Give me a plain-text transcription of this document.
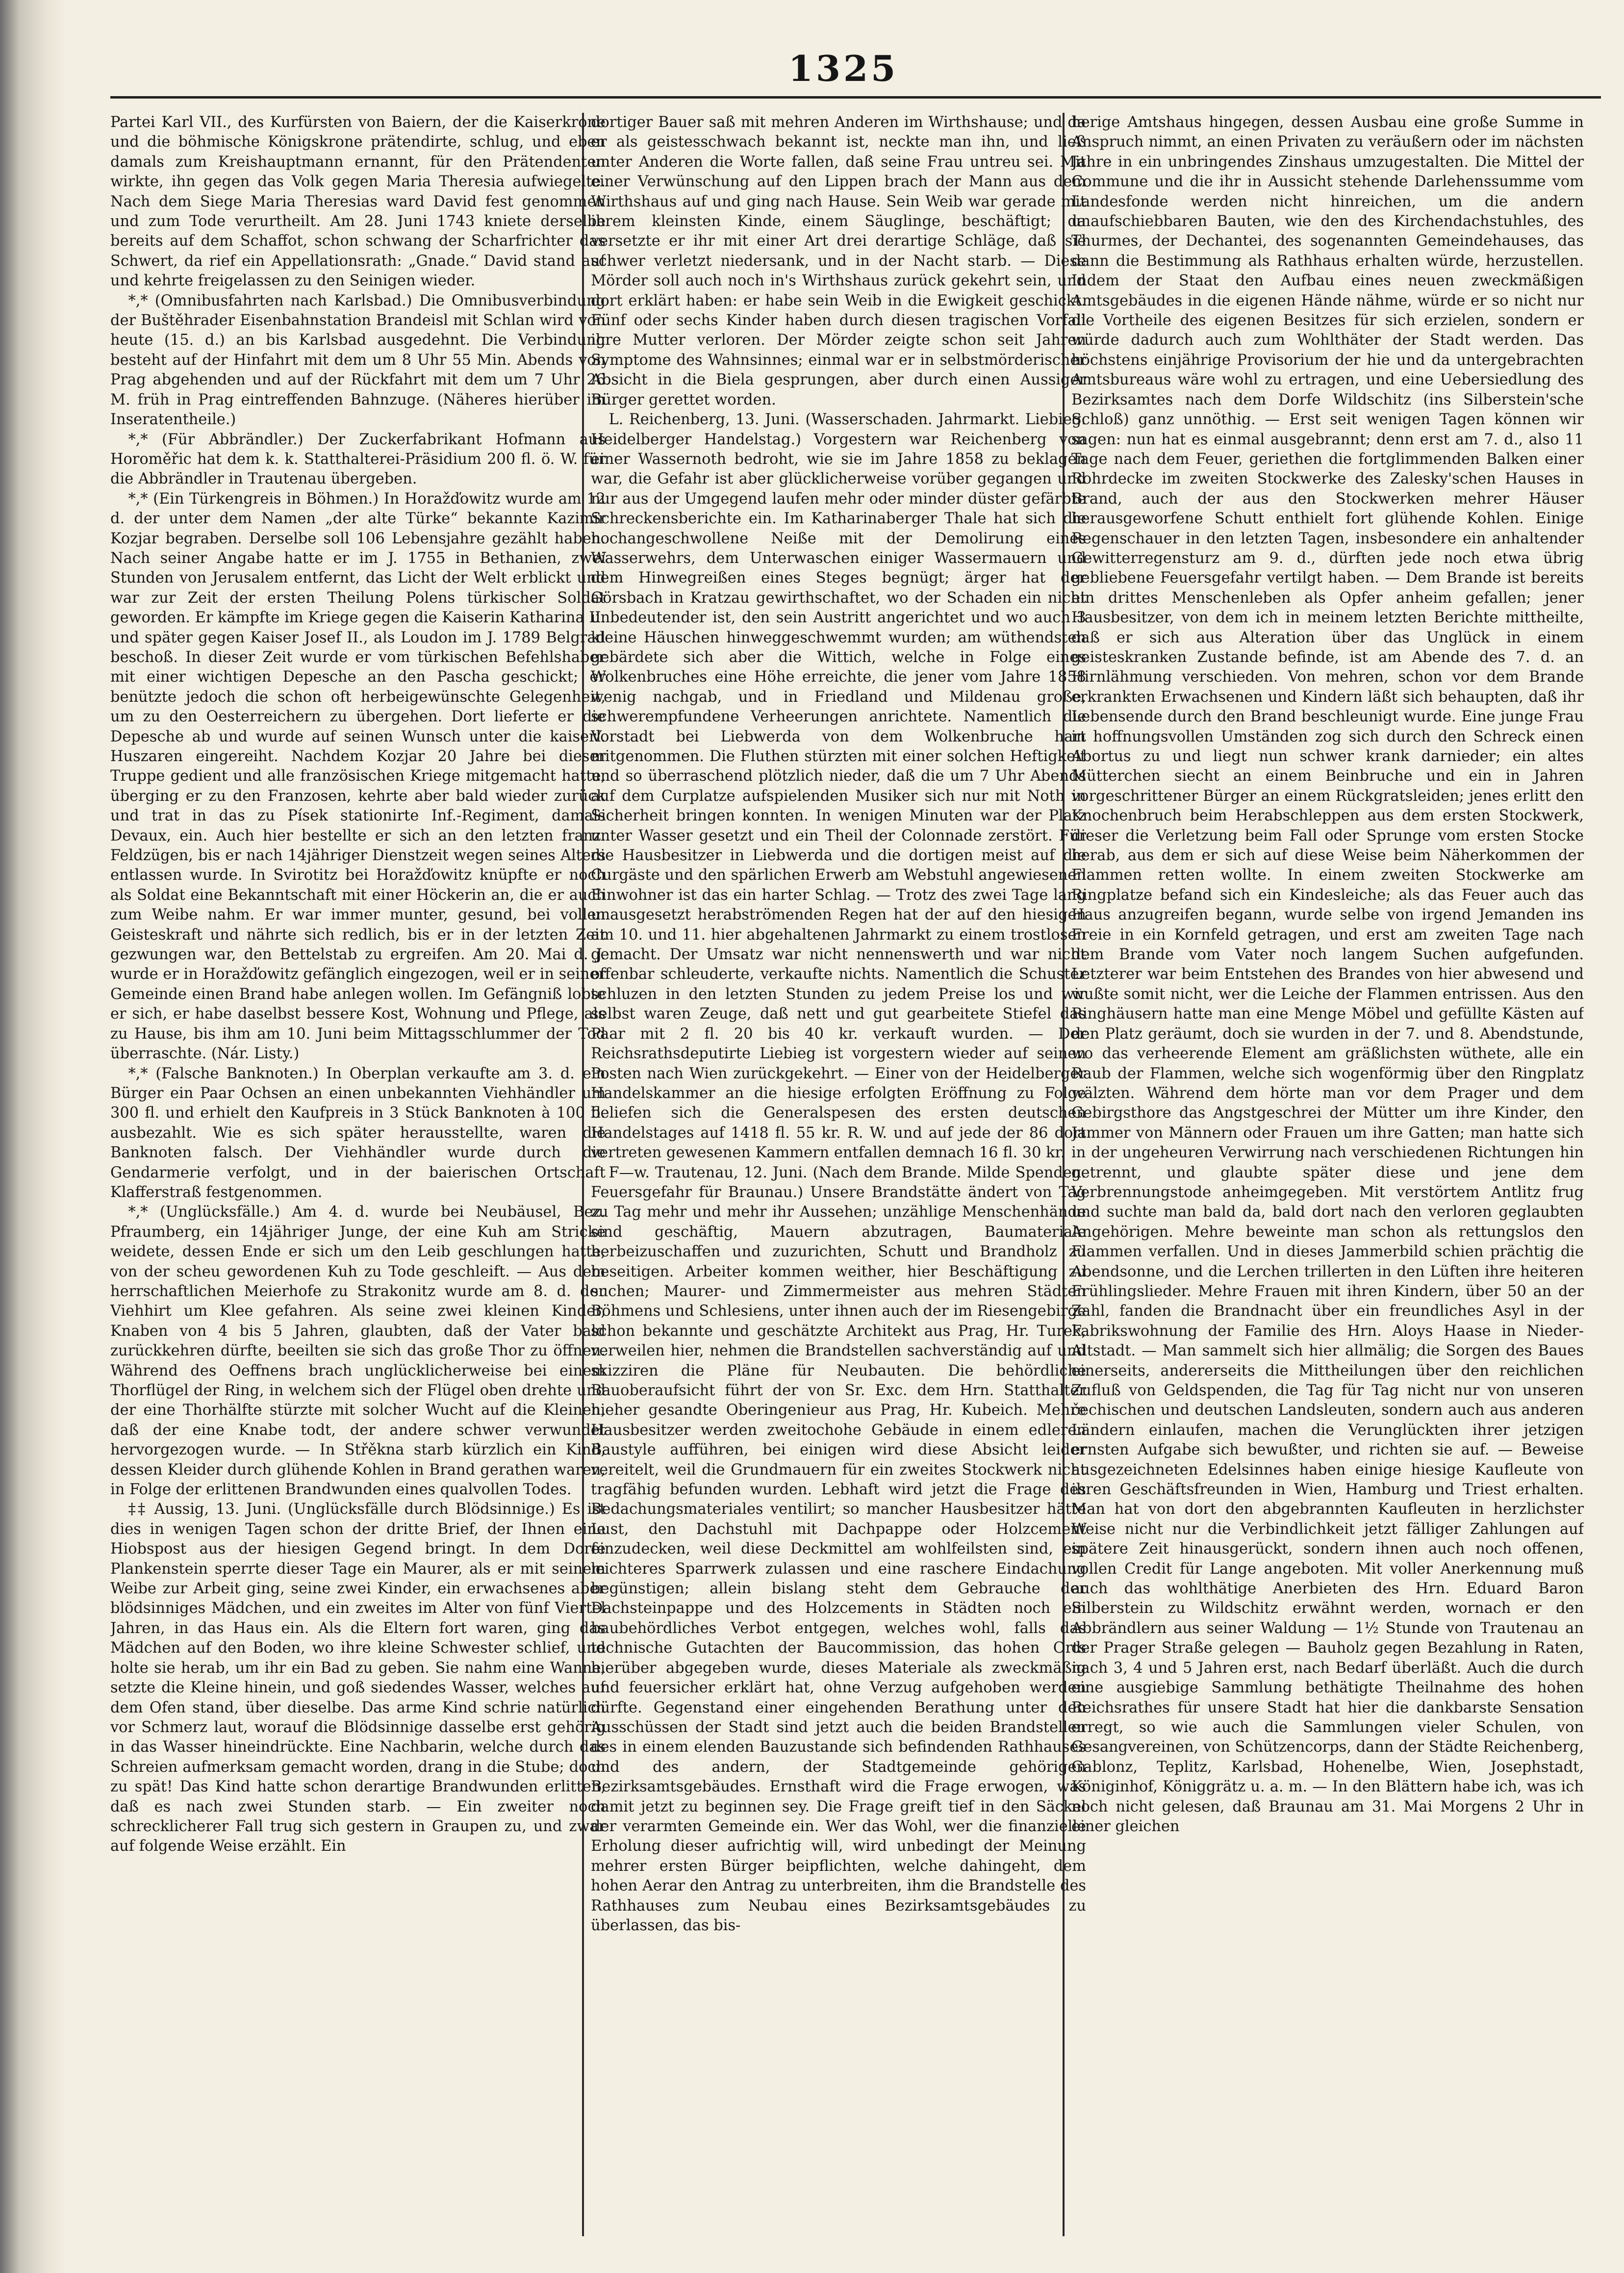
1325

Partei Karl VII., des Kurfürsten von Baiern, der die Kaiserkrone und die böhmische Königskrone prätendirte, schlug, und eben damals zum Kreishauptmann ernannt, für den Prätendenten wirkte, ihn gegen das Volk gegen Maria Theresia aufwiegelte. Nach dem Siege Maria Theresias ward David fest genommen und zum Tode verurtheilt. Am 28. Juni 1743 kniete derselbe bereits auf dem Schaffot, schon schwang der Scharfrichter das Schwert, da rief ein Appellationsrath: „Gnade.“ David stand auf und kehrte freigelassen zu den Seinigen wieder.

*,* (Omnibusfahrten nach Karlsbad.) Die Omnibusverbindung der Buštěhrader Eisenbahnstation Brandeisl mit Schlan wird von heute (15. d.) an bis Karlsbad ausgedehnt. Die Verbindung besteht auf der Hinfahrt mit dem um 8 Uhr 55 Min. Abends von Prag abgehenden und auf der Rückfahrt mit dem um 7 Uhr 26 M. früh in Prag eintreffenden Bahnzuge. (Näheres hierüber im Inseratentheile.)

*,* (Für Abbrändler.) Der Zuckerfabrikant Hofmann aus Horoměřic hat dem k. k. Statthalterei-Präsidium 200 fl. ö. W. für die Abbrändler in Trautenau übergeben.

*,* (Ein Türkengreis in Böhmen.) In Horažďowitz wurde am 12 d. der unter dem Namen „der alte Türke“ bekannte Kazimir Kozjar begraben. Derselbe soll 106 Lebensjahre gezählt haben. Nach seiner Angabe hatte er im J. 1755 in Bethanien, zwei Stunden von Jerusalem entfernt, das Licht der Welt erblickt und war zur Zeit der ersten Theilung Polens türkischer Soldat geworden. Er kämpfte im Kriege gegen die Kaiserin Katharina II. und später gegen Kaiser Josef II., als Loudon im J. 1789 Belgrad beschoß. In dieser Zeit wurde er vom türkischen Befehlshaber mit einer wichtigen Depesche an den Pascha geschickt; er benützte jedoch die schon oft herbeigewünschte Gelegenheit, um zu den Oesterreichern zu übergehen. Dort lieferte er die Depesche ab und wurde auf seinen Wunsch unter die kaiserl. Huszaren eingereiht. Nachdem Kozjar 20 Jahre bei dieser Truppe gedient und alle französischen Kriege mitgemacht hatte, überging er zu den Franzosen, kehrte aber bald wieder zurück und trat in das zu Písek stationirte Inf.-Regiment, damals Devaux, ein. Auch hier bestellte er sich an den letzten franz. Feldzügen, bis er nach 14jähriger Dienstzeit wegen seines Alters entlassen wurde. In Svirotitz bei Horažďowitz knüpfte er noch als Soldat eine Bekanntschaft mit einer Höckerin an, die er auch zum Weibe nahm. Er war immer munter, gesund, bei vollen Geisteskraft und nährte sich redlich, bis er in der letzten Zeit gezwungen war, den Bettelstab zu ergreifen. Am 20. Mai d. J. wurde er in Horažďowitz gefänglich eingezogen, weil er in seiner Gemeinde einen Brand habe anlegen wollen. Im Gefängniß lobte er sich, er habe daselbst bessere Kost, Wohnung und Pflege, als zu Hause, bis ihm am 10. Juni beim Mittagsschlummer der Tod überraschte. (Nár. Listy.)

*,* (Falsche Banknoten.) In Oberplan verkaufte am 3. d. ein Bürger ein Paar Ochsen an einen unbekannten Viehhändler um 300 fl. und erhielt den Kaufpreis in 3 Stück Banknoten à 100 fl. ausbezahlt. Wie es sich später herausstellte, waren die Banknoten falsch. Der Viehhändler wurde durch die Gendarmerie verfolgt, und in der baierischen Ortschaft Klafferstraß festgenommen.

*,* (Unglücksfälle.) Am 4. d. wurde bei Neubäusel, Bez. Pfraumberg, ein 14jähriger Junge, der eine Kuh am Stricke weidete, dessen Ende er sich um den Leib geschlungen hatte, von der scheu gewordenen Kuh zu Tode geschleift. — Aus dem herrschaftlichen Meierhofe zu Strakonitz wurde am 8. d. der Viehhirt um Klee gefahren. Als seine zwei kleinen Kinder, Knaben von 4 bis 5 Jahren, glaubten, daß der Vater bald zurückkehren dürfte, beeilten sie sich das große Thor zu öffnen. Während des Oeffnens brach unglücklicherweise bei einem Thorflügel der Ring, in welchem sich der Flügel oben drehte und der eine Thorhälfte stürzte mit solcher Wucht auf die Kleinen, daß der eine Knabe todt, der andere schwer verwundet hervorgezogen wurde. — In Střěkna starb kürzlich ein Kind, dessen Kleider durch glühende Kohlen in Brand gerathen waren, in Folge der erlittenen Brandwunden eines qualvollen Todes.

‡‡ Aussig, 13. Juni. (Unglücksfälle durch Blödsinnige.) Es ist dies in wenigen Tagen schon der dritte Brief, der Ihnen eine Hiobspost aus der hiesigen Gegend bringt. In dem Dorfe Plankenstein sperrte dieser Tage ein Maurer, als er mit seinem Weibe zur Arbeit ging, seine zwei Kinder, ein erwachsenes aber blödsinniges Mädchen, und ein zweites im Alter von fünf Viertel Jahren, in das Haus ein. Als die Eltern fort waren, ging das Mädchen auf den Boden, wo ihre kleine Schwester schlief, und holte sie herab, um ihr ein Bad zu geben. Sie nahm eine Wanne, setzte die Kleine hinein, und goß siedendes Wasser, welches auf dem Ofen stand, über dieselbe. Das arme Kind schrie natürlich vor Schmerz laut, worauf die Blödsinnige dasselbe erst gehörig in das Wasser hineindrückte. Eine Nachbarin, welche durch das Schreien aufmerksam gemacht worden, drang in die Stube; doch zu spät! Das Kind hatte schon derartige Brandwunden erlitten, daß es nach zwei Stunden starb. — Ein zweiter noch schrecklicherer Fall trug sich gestern in Graupen zu, und zwar auf folgende Weise erzählt. Ein

dortiger Bauer saß mit mehren Anderen im Wirthshause; und da er als geistesschwach bekannt ist, neckte man ihn, und ließ unter Anderen die Worte fallen, daß seine Frau untreu sei. Mit einer Verwünschung auf den Lippen brach der Mann aus dem Wirthshaus auf und ging nach Hause. Sein Weib war gerade mit ihrem kleinsten Kinde, einem Säuglinge, beschäftigt; da versetzte er ihr mit einer Art drei derartige Schläge, daß sie schwer verletzt niedersank, und in der Nacht starb. — Diese Mörder soll auch noch in's Wirthshaus zurück gekehrt sein, und dort erklärt haben: er habe sein Weib in die Ewigkeit geschickt. Fünf oder sechs Kinder haben durch diesen tragischen Vorfall ihre Mutter verloren. Der Mörder zeigte schon seit Jahren Symptome des Wahnsinnes; einmal war er in selbstmörderischer Absicht in die Biela gesprungen, aber durch einen Aussiger Bürger gerettet worden.

L. Reichenberg, 13. Juni. (Wasserschaden. Jahrmarkt. Liebieg. Heidelberger Handelstag.) Vorgestern war Reichenberg von einer Wassernoth bedroht, wie sie im Jahre 1858 zu beklagen war, die Gefahr ist aber glücklicherweise vorüber gegangen und nur aus der Umgegend laufen mehr oder minder düster gefärbte Schreckensberichte ein. Im Katharinaberger Thale hat sich die hochangeschwollene Neiße mit der Demolirung eines Wasserwehrs, dem Unterwaschen einiger Wassermauern und dem Hinwegreißen eines Steges begnügt; ärger hat der Görsbach in Kratzau gewirthschaftet, wo der Schaden ein nicht unbedeutender ist, den sein Austritt angerichtet und wo auch 3 kleine Häuschen hinweggeschwemmt wurden; am wüthendsten gebärdete sich aber die Wittich, welche in Folge eines Wolkenbruches eine Höhe erreichte, die jener vom Jahre 1858 wenig nachgab, und in Friedland und Mildenau große, schwerempfundene Verheerungen anrichtete. Namentlich die Vorstadt bei Liebwerda von dem Wolkenbruche hart mitgenommen. Die Fluthen stürzten mit einer solchen Heftigkeit und so überraschend plötzlich nieder, daß die um 7 Uhr Abends auf dem Curplatze aufspielenden Musiker sich nur mit Noth in Sicherheit bringen konnten. In wenigen Minuten war der Platz unter Wasser gesetzt und ein Theil der Colonnade zerstört. Für die Hausbesitzer in Liebwerda und die dortigen meist auf die Curgäste und den spärlichen Erwerb am Webstuhl angewiesenen Einwohner ist das ein harter Schlag. — Trotz des zwei Tage lang unausgesetzt herabströmenden Regen hat der auf den hiesigen am 10. und 11. hier abgehaltenen Jahrmarkt zu einem trostlosen gemacht. Der Umsatz war nicht nennenswerth und war nicht offenbar schleuderte, verkaufte nichts. Namentlich die Schuster schluzen in den letzten Stunden zu jedem Preise los und wir selbst waren Zeuge, daß nett und gut gearbeitete Stiefel das Paar mit 2 fl. 20 bis 40 kr. verkauft wurden. — Der Reichsrathsdeputirte Liebieg ist vorgestern wieder auf seinen Posten nach Wien zurückgekehrt. — Einer von der Heidelberger Handelskammer an die hiesige erfolgten Eröffnung zu Folge beliefen sich die Generalspesen des ersten deutschen Handelstages auf 1418 fl. 55 kr. R. W. und auf jede der 86 dort vertreten gewesenen Kammern entfallen demnach 16 fl. 30 kr.

F—w. Trautenau, 12. Juni. (Nach dem Brande. Milde Spenden. Feuersgefahr für Braunau.) Unsere Brandstätte ändert von Tag zu Tag mehr und mehr ihr Aussehen; unzählige Menschenhände sind geschäftig, Mauern abzutragen, Baumateriale herbeizuschaffen und zuzurichten, Schutt und Brandholz zu beseitigen. Arbeiter kommen weither, hier Beschäftigung zu suchen; Maurer- und Zimmermeister aus mehren Städten Böhmens und Schlesiens, unter ihnen auch der im Riesengebirge schon bekannte und geschätzte Architekt aus Prag, Hr. Turek, verweilen hier, nehmen die Brandstellen sachverständig auf und skizziren die Pläne für Neubauten. Die behördliche Bauoberaufsicht führt der von Sr. Exc. dem Hrn. Statthalter hieher gesandte Oberingenieur aus Prag, Hr. Kubeich. Mehre Hausbesitzer werden zweitochohe Gebäude in einem edleren Baustyle aufführen, bei einigen wird diese Absicht leider vereitelt, weil die Grundmauern für ein zweites Stockwerk nicht tragfähig befunden wurden. Lebhaft wird jetzt die Frage des Bedachungsmateriales ventilirt; so mancher Hausbesitzer hätte Lust, den Dachstuhl mit Dachpappe oder Holzcement einzudecken, weil diese Deckmittel am wohlfeilsten sind, ein leichteres Sparrwerk zulassen und eine raschere Eindachung begünstigen; allein bislang steht dem Gebrauche der Dachsteinpappe und des Holzcements in Städten noch ein baubehördliches Verbot entgegen, welches wohl, falls das technische Gutachten der Baucommission, das hohen Orts hierüber abgegeben wurde, dieses Materiale als zweckmäßig und feuersicher erklärt hat, ohne Verzug aufgehoben werden dürfte. Gegenstand einer eingehenden Berathung unter den Ausschüssen der Stadt sind jetzt auch die beiden Brandstellen des in einem elenden Bauzustande sich befindenden Rathhauses und des andern, der Stadtgemeinde gehörigen Bezirksamtsgebäudes. Ernsthaft wird die Frage erwogen, was damit jetzt zu beginnen sey. Die Frage greift tief in den Säckel der verarmten Gemeinde ein. Wer das Wohl, wer die finanzielle Erholung dieser aufrichtig will, wird unbedingt der Meinung mehrer ersten Bürger beipflichten, welche dahingeht, dem hohen Aerar den Antrag zu unterbreiten, ihm die Brandstelle des Rathhauses zum Neubau eines Bezirksamtsgebäudes zu überlassen, das bis-

herige Amtshaus hingegen, dessen Ausbau eine große Summe in Anspruch nimmt, an einen Privaten zu veräußern oder im nächsten Jahre in ein unbringendes Zinshaus umzugestalten. Die Mittel der Commune und die ihr in Aussicht stehende Darlehenssumme vom Landesfonde werden nicht hinreichen, um die andern unaufschiebbaren Bauten, wie den des Kirchendachstuhles, des Thurmes, der Dechantei, des sogenannten Gemeindehauses, das dann die Bestimmung als Rathhaus erhalten würde, herzustellen. Indem der Staat den Aufbau eines neuen zweckmäßigen Amtsgebäudes in die eigenen Hände nähme, würde er so nicht nur die Vortheile des eigenen Besitzes für sich erzielen, sondern er würde dadurch auch zum Wohlthäter der Stadt werden. Das höchstens einjährige Provisorium der hie und da untergebrachten Amtsbureaus wäre wohl zu ertragen, und eine Uebersiedlung des Bezirksamtes nach dem Dorfe Wildschitz (ins Silberstein'sche Schloß) ganz unnöthig. — Erst seit wenigen Tagen können wir sagen: nun hat es einmal ausgebrannt; denn erst am 7. d., also 11 Tage nach dem Feuer, geriethen die fortglimmenden Balken einer Rohrdecke im zweiten Stockwerke des Zalesky'schen Hauses in Brand, auch der aus den Stockwerken mehrer Häuser herausgeworfene Schutt enthielt fort glühende Kohlen. Einige Regenschauer in den letzten Tagen, insbesondere ein anhaltender Gewitterregensturz am 9. d., dürften jede noch etwa übrig gebliebene Feuersgefahr vertilgt haben. — Dem Brande ist bereits ein drittes Menschenleben als Opfer anheim gefallen; jener Hausbesitzer, von dem ich in meinem letzten Berichte mittheilte, daß er sich aus Alteration über das Unglück in einem geisteskranken Zustande befinde, ist am Abende des 7. d. an Hirnlähmung verschieden. Von mehren, schon vor dem Brande erkrankten Erwachsenen und Kindern läßt sich behaupten, daß ihr Lebensende durch den Brand beschleunigt wurde. Eine junge Frau in hoffnungsvollen Umständen zog sich durch den Schreck einen Abortus zu und liegt nun schwer krank darnieder; ein altes Mütterchen siecht an einem Beinbruche und ein in Jahren vorgeschrittener Bürger an einem Rückgratsleiden; jenes erlitt den Knochenbruch beim Herabschleppen aus dem ersten Stockwerk, dieser die Verletzung beim Fall oder Sprunge vom ersten Stocke herab, aus dem er sich auf diese Weise beim Näherkommen der Flammen retten wollte. In einem zweiten Stockwerke am Ringplatze befand sich ein Kindesleiche; als das Feuer auch das Haus anzugreifen begann, wurde selbe von irgend Jemanden ins Freie in ein Kornfeld getragen, und erst am zweiten Tage nach dem Brande vom Vater noch langem Suchen aufgefunden. Letzterer war beim Entstehen des Brandes von hier abwesend und wußte somit nicht, wer die Leiche der Flammen entrissen. Aus den Ringhäusern hatte man eine Menge Möbel und gefüllte Kästen auf den Platz geräumt, doch sie wurden in der 7. und 8. Abendstunde, wo das verheerende Element am gräßlichsten wüthete, alle ein Raub der Flammen, welche sich wogenförmig über den Ringplatz wälzten. Während dem hörte man vor dem Prager und dem Gebirgsthore das Angstgeschrei der Mütter um ihre Kinder, den Jammer von Männern oder Frauen um ihre Gatten; man hatte sich in der ungeheuren Verwirrung nach verschiedenen Richtungen hin getrennt, und glaubte später diese und jene dem Verbrennungstode anheimgegeben. Mit verstörtem Antlitz frug und suchte man bald da, bald dort nach den verloren geglaubten Angehörigen. Mehre beweinte man schon als rettungslos den Flammen verfallen. Und in dieses Jammerbild schien prächtig die Abendsonne, und die Lerchen trillerten in den Lüften ihre heiteren Frühlingslieder. Mehre Frauen mit ihren Kindern, über 50 an der Zahl, fanden die Brandnacht über ein freundliches Asyl in der Fabrikswohnung der Familie des Hrn. Aloys Haase in Nieder-Altstadt. — Man sammelt sich hier allmälig; die Sorgen des Baues einerseits, andererseits die Mittheilungen über den reichlichen Zufluß von Geldspenden, die Tag für Tag nicht nur von unseren čechischen und deutschen Landsleuten, sondern auch aus anderen Ländern einlaufen, machen die Verunglückten ihrer jetzigen ernsten Aufgabe sich bewußter, und richten sie auf. — Beweise ausgezeichneten Edelsinnes haben einige hiesige Kaufleute von ihren Geschäftsfreunden in Wien, Hamburg und Triest erhalten. Man hat von dort den abgebrannten Kaufleuten in herzlichster Weise nicht nur die Verbindlichkeit jetzt fälliger Zahlungen auf spätere Zeit hinausgerückt, sondern ihnen auch noch offenen, vollen Credit für Lange angeboten. Mit voller Anerkennung muß auch das wohlthätige Anerbieten des Hrn. Eduard Baron Silberstein zu Wildschitz erwähnt werden, wornach er den Abbrändlern aus seiner Waldung — 1½ Stunde von Trautenau an der Prager Straße gelegen — Bauholz gegen Bezahlung in Raten, nach 3, 4 und 5 Jahren erst, nach Bedarf überläßt. Auch die durch eine ausgiebige Sammlung bethätigte Theilnahme des hohen Reichsrathes für unsere Stadt hat hier die dankbarste Sensation erregt, so wie auch die Sammlungen vieler Schulen, von Gesangvereinen, von Schützencorps, dann der Städte Reichenberg, Gablonz, Teplitz, Karlsbad, Hohenelbe, Wien, Josephstadt, Königinhof, Königgrätz u. a. m. — In den Blättern habe ich, was ich noch nicht gelesen, daß Braunau am 31. Mai Morgens 2 Uhr in einer gleichen
